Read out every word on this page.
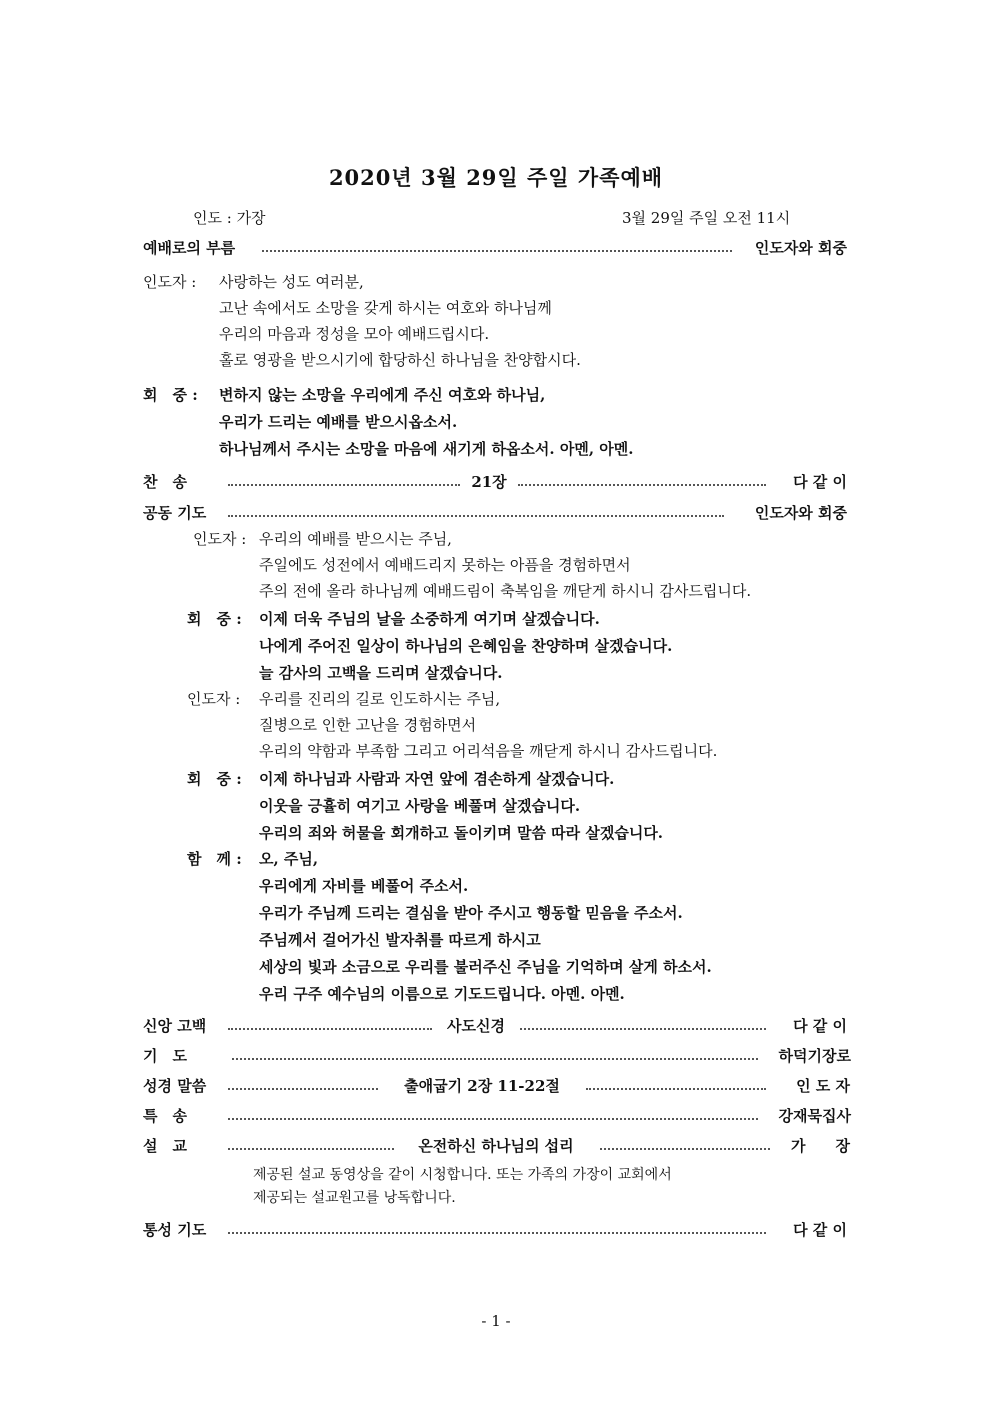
2020년 3월 29일 주일 가족예배
인도 : 가장	3월 29일 주일 오전 11시
예배로의 부름	인도자와 회중
인도자 : 사랑하는 성도 여러분,
고난 속에서도 소망을 갖게 하시는 여호와 하나님께
우리의 마음과 정성을 모아 예배드립시다.
홀로 영광을 받으시기에 합당하신 하나님을 찬양합시다.
회　중 : 변하지 않는 소망을 우리에게 주신 여호와 하나님,
우리가 드리는 예배를 받으시옵소서.
하나님께서 주시는 소망을 마음에 새기게 하옵소서. 아멘, 아멘.
찬　송	21장	다 같 이
공동 기도	인도자와 회중
인도자 : 우리의 예배를 받으시는 주님,
주일에도 성전에서 예배드리지 못하는 아픔을 경험하면서
주의 전에 올라 하나님께 예배드림이 축복임을 깨닫게 하시니 감사드립니다.
회　중 : 이제 더욱 주님의 날을 소중하게 여기며 살겠습니다.
나에게 주어진 일상이 하나님의 은혜임을 찬양하며 살겠습니다.
늘 감사의 고백을 드리며 살겠습니다.
인도자 : 우리를 진리의 길로 인도하시는 주님,
질병으로 인한 고난을 경험하면서
우리의 약함과 부족함 그리고 어리석음을 깨닫게 하시니 감사드립니다.
회　중 : 이제 하나님과 사람과 자연 앞에 겸손하게 살겠습니다.
이웃을 긍휼히 여기고 사랑을 베풀며 살겠습니다.
우리의 죄와 허물을 회개하고 돌이키며 말씀 따라 살겠습니다.
함　께 : 오, 주님,
우리에게 자비를 베풀어 주소서.
우리가 주님께 드리는 결심을 받아 주시고 행동할 믿음을 주소서.
주님께서 걸어가신 발자취를 따르게 하시고
세상의 빛과 소금으로 우리를 불러주신 주님을 기억하며 살게 하소서.
우리 구주 예수님의 이름으로 기도드립니다. 아멘. 아멘.
신앙 고백	사도신경	다 같 이
기　도	하덕기장로
성경 말씀	출애굽기 2장 11-22절	인 도 자
특　송	강재묵집사
설　교	온전하신 하나님의 섭리	가　　장
제공된 설교 동영상을 같이 시청합니다. 또는 가족의 가장이 교회에서
제공되는 설교원고를 낭독합니다.
통성 기도	다 같 이
- 1 -
